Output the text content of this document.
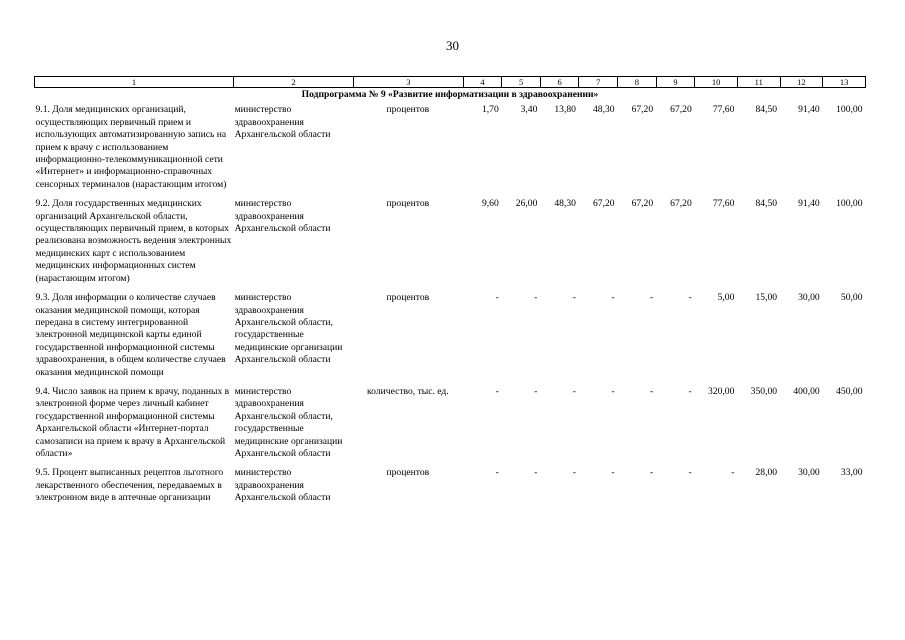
30
1	2	3	4	5	6	7	8	9	10	11	12	13
Подпрограмма № 9 «Развитие информатизации в здравоохранении»												
9.1. Доля медицинских организаций, осуществляющих первичный прием и использующих автоматизированную запись на прием к врачу с использованием информационно-телекоммуникационной сети «Интернет» и информационно-справочных сенсорных терминалов (нарастающим итогом)	министерство здравоохранения Архангельской области	процентов	1,70	3,40	13,80	48,30	67,20	67,20	77,60	84,50	91,40	100,00
9.2. Доля государственных медицинских организаций Архангельской области, осуществляющих первичный прием, в которых реализована возможность ведения электронных медицинских карт с использованием медицинских информационных систем (нарастающим итогом)	министерство здравоохранения Архангельской области	процентов	9,60	26,00	48,30	67,20	67,20	67,20	77,60	84,50	91,40	100,00
9.3. Доля информации о количестве случаев оказания медицинской помощи, которая передана в систему интегрированной электронной медицинской карты единой государственной информационной системы здравоохранения, в общем количестве случаев оказания медицинской помощи	министерство здравоохранения Архангельской области, государственные медицинские организации Архангельской области	процентов	-	-	-	-	-	-	5,00	15,00	30,00	50,00
9.4. Число заявок на прием к врачу, поданных в электронной форме через личный кабинет государственной информационной системы Архангельской области «Интернет-портал самозаписи на прием к врачу в Архангельской области»	министерство здравоохранения Архангельской области, государственные медицинские организации Архангельской области	количество, тыс. ед.	-	-	-	-	-	-	320,00	350,00	400,00	450,00
9.5. Процент выписанных рецептов льготного лекарственного обеспечения, передаваемых в электронном виде в аптечные организации	министерство здравоохранения Архангельской области	процентов	-	-	-	-	-	-	-	28,00	30,00	33,00
